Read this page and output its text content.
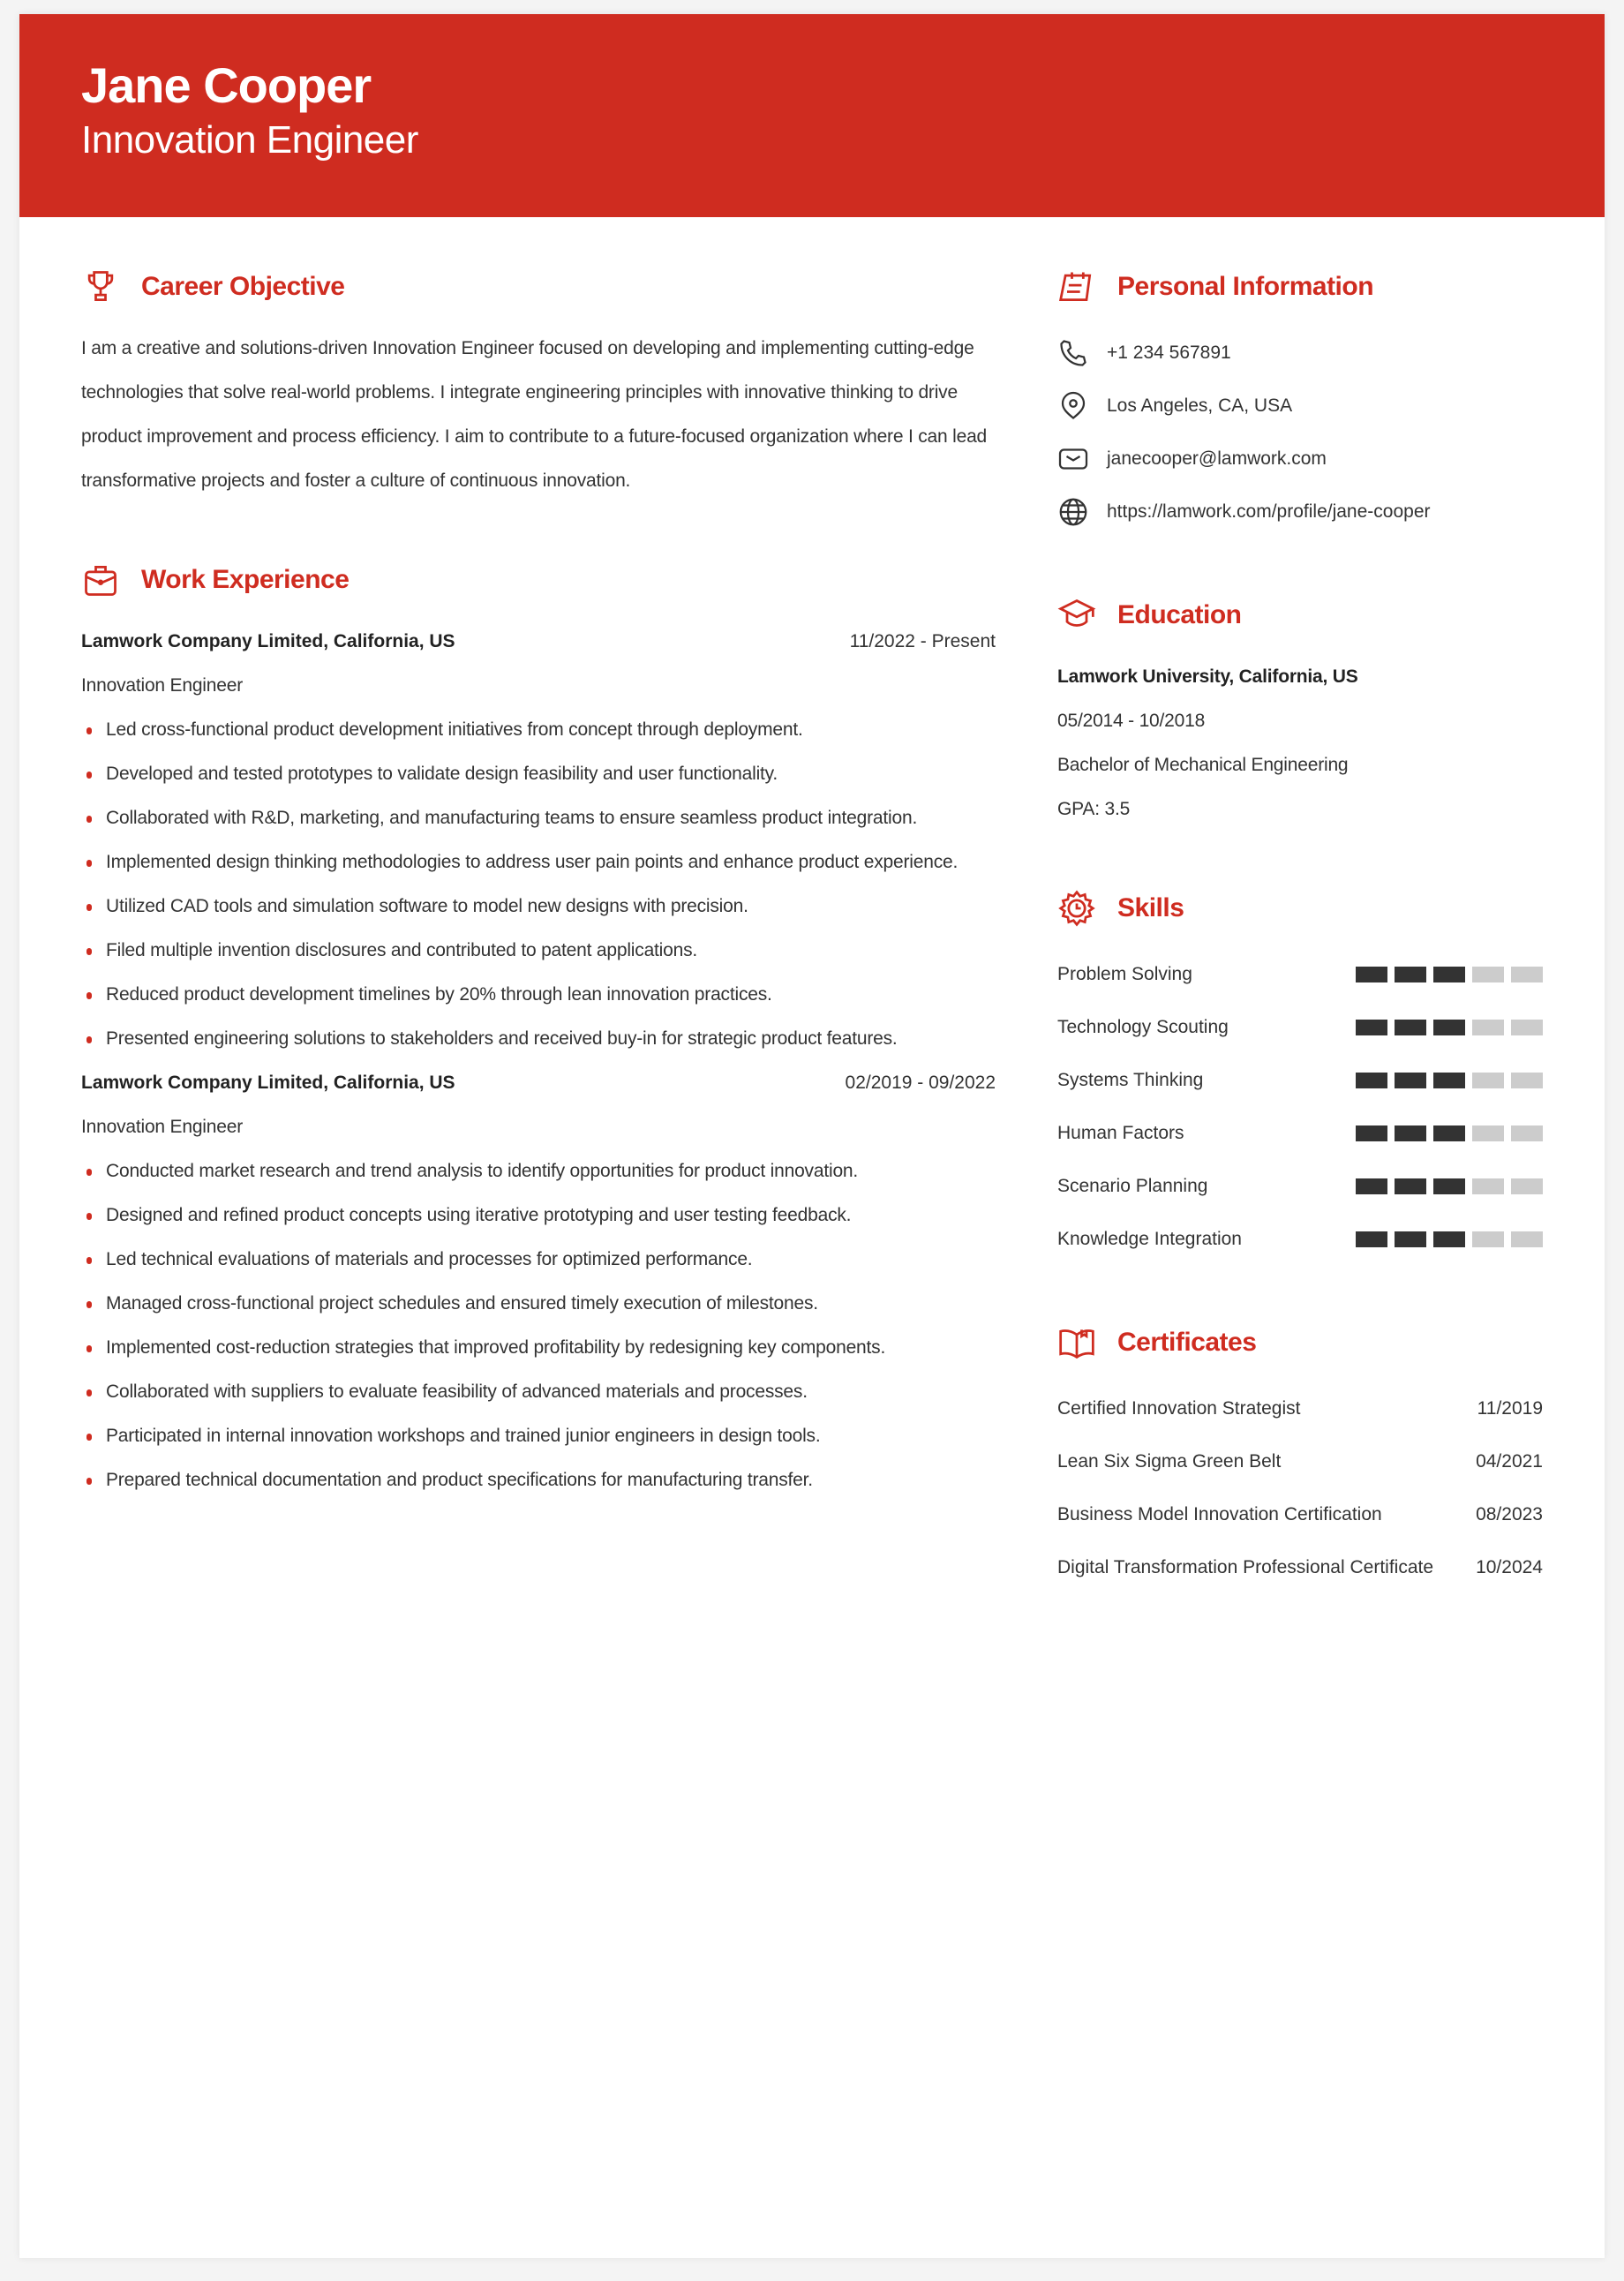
Jane Cooper
Innovation Engineer
Career Objective

I am a creative and solutions-driven Innovation Engineer focused on developing and implementing cutting-edge technologies that solve real-world problems. I integrate engineering principles with innovative thinking to drive product improvement and process efficiency. I aim to contribute to a future-focused organization where I can lead transformative projects and foster a culture of continuous innovation.

Work Experience
Lamwork Company Limited, California, US	11/2022 - Present
Innovation Engineer
Led cross-functional product development initiatives from concept through deployment.
Developed and tested prototypes to validate design feasibility and user functionality.
Collaborated with R&D, marketing, and manufacturing teams to ensure seamless product integration.
Implemented design thinking methodologies to address user pain points and enhance product experience.
Utilized CAD tools and simulation software to model new designs with precision.
Filed multiple invention disclosures and contributed to patent applications.
Reduced product development timelines by 20% through lean innovation practices.
Presented engineering solutions to stakeholders and received buy-in for strategic product features.
Lamwork Company Limited, California, US	02/2019 - 09/2022
Innovation Engineer
Conducted market research and trend analysis to identify opportunities for product innovation.
Designed and refined product concepts using iterative prototyping and user testing feedback.
Led technical evaluations of materials and processes for optimized performance.
Managed cross-functional project schedules and ensured timely execution of milestones.
Implemented cost-reduction strategies that improved profitability by redesigning key components.
Collaborated with suppliers to evaluate feasibility of advanced materials and processes.
Participated in internal innovation workshops and trained junior engineers in design tools.
Prepared technical documentation and product specifications for manufacturing transfer.
Personal Information
+1 234 567891
Los Angeles, CA, USA
janecooper@lamwork.com
https://lamwork.com/profile/jane-cooper
Education
Lamwork University, California, US
05/2014 - 10/2018
Bachelor of Mechanical Engineering
GPA: 3.5
Skills
Problem Solving
Technology Scouting
Systems Thinking
Human Factors
Scenario Planning
Knowledge Integration
Certificates
Certified Innovation Strategist	11/2019
Lean Six Sigma Green Belt	04/2021
Business Model Innovation Certification	08/2023
Digital Transformation Professional Certificate 10/2024
